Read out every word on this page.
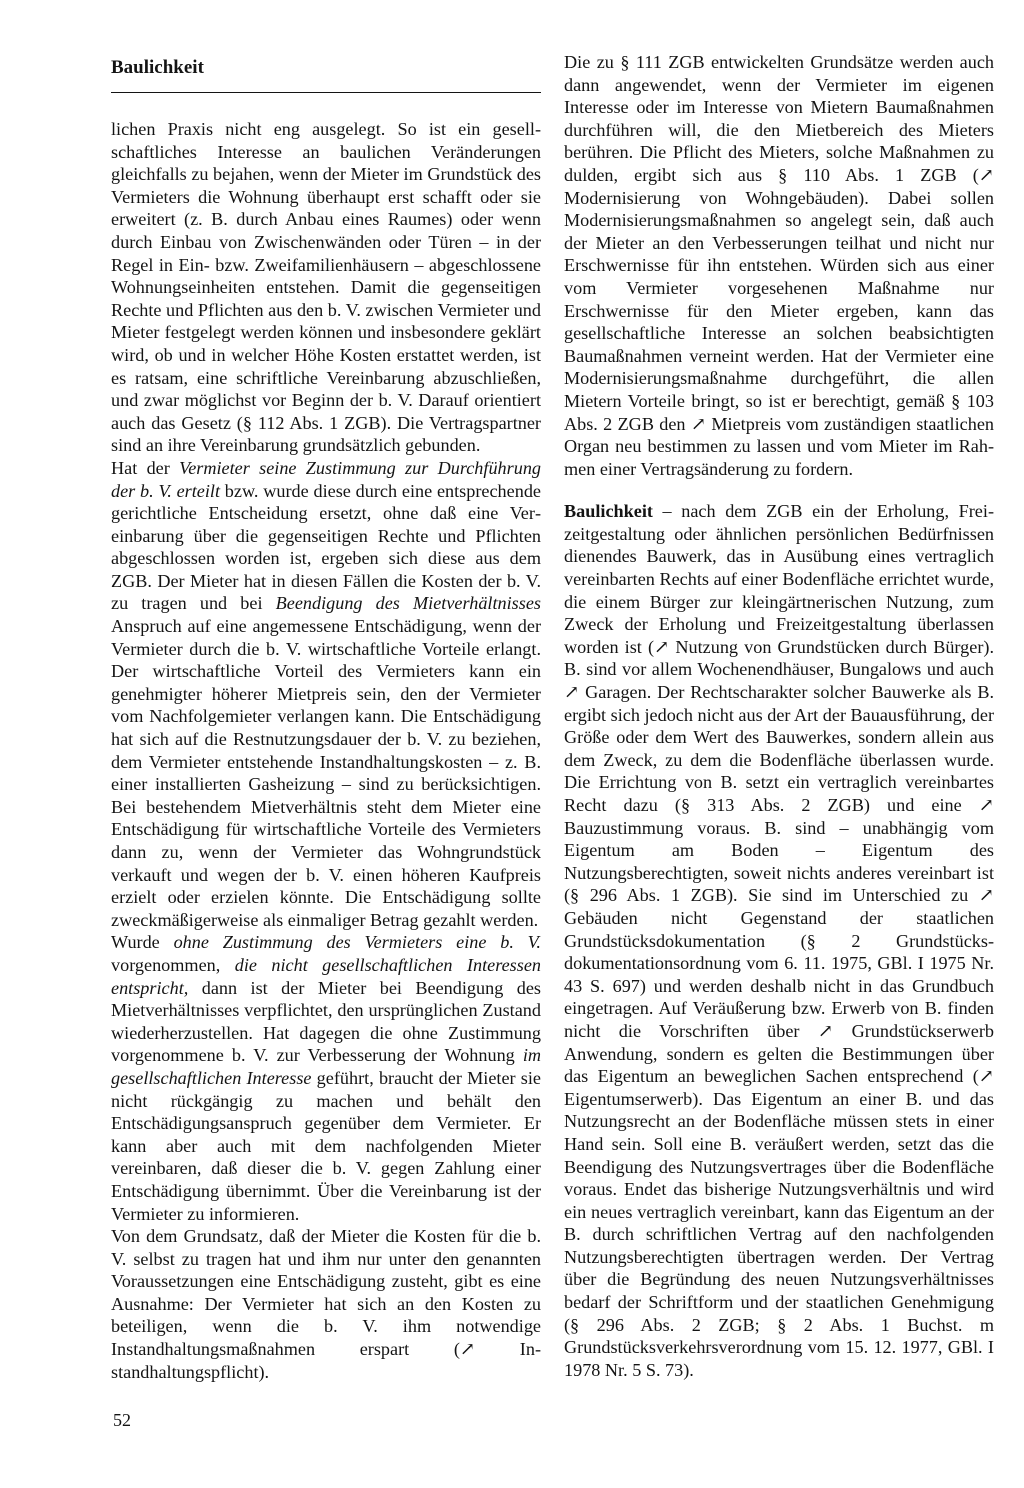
Baulichkeit

lichen Praxis nicht eng ausgelegt. So ist ein gesellschaftliches Interesse an baulichen Veränderungen gleichfalls zu bejahen, wenn der Mieter im Grundstück des Vermieters die Wohnung überhaupt erst schafft oder sie erweitert (z. B. durch Anbau eines Raumes) oder wenn durch Einbau von Zwischenwänden oder Türen – in der Regel in Ein- bzw. Zweifamilienhäusern – abgeschlossene Wohnungseinheiten entstehen. Damit die gegenseitigen Rechte und Pflichten aus den b. V. zwischen Vermieter und Mieter festgelegt werden können und insbesondere geklärt wird, ob und in welcher Höhe Kosten erstattet werden, ist es ratsam, eine schriftliche Vereinbarung abzuschließen, und zwar möglichst vor Beginn der b. V. Darauf orientiert auch das Gesetz (§ 112 Abs. 1 ZGB). Die Vertragspartner sind an ihre Vereinbarung grundsätzlich gebunden.

Hat der Vermieter seine Zustimmung zur Durchführung der b. V. erteilt bzw. wurde diese durch eine entsprechende gerichtliche Entscheidung ersetzt, ohne daß eine Vereinbarung über die gegenseitigen Rechte und Pflichten abgeschlossen worden ist, ergeben sich diese aus dem ZGB. Der Mieter hat in diesen Fällen die Kosten der b. V. zu tragen und bei Beendigung des Mietverhältnisses Anspruch auf eine angemessene Entschädigung, wenn der Vermieter durch die b. V. wirtschaftliche Vorteile erlangt. Der wirtschaftliche Vorteil des Vermieters kann ein genehmigter höherer Mietpreis sein, den der Vermieter vom Nachfolgemieter verlangen kann. Die Entschädigung hat sich auf die Restnutzungsdauer der b. V. zu beziehen, dem Vermieter entstehende Instandhaltungskosten – z. B. einer installierten Gasheizung – sind zu berücksichtigen. Bei bestehendem Mietverhältnis steht dem Mieter eine Entschädigung für wirtschaftliche Vorteile des Vermieters dann zu, wenn der Vermieter das Wohngrundstück verkauft und wegen der b. V. einen höheren Kaufpreis erzielt oder erzielen könnte. Die Entschädigung sollte zweckmäßigerweise als einmaliger Betrag gezahlt werden.

Wurde ohne Zustimmung des Vermieters eine b. V. vorgenommen, die nicht gesellschaftlichen Interessen entspricht, dann ist der Mieter bei Beendigung des Mietverhältnisses verpflichtet, den ursprünglichen Zustand wiederherzustellen. Hat dagegen die ohne Zustimmung vorgenommene b. V. zur Verbesserung der Wohnung im gesellschaftlichen Interesse geführt, braucht der Mieter sie nicht rückgängig zu machen und behält den Entschädigungsanspruch gegenüber dem Vermieter. Er kann aber auch mit dem nachfolgenden Mieter vereinbaren, daß dieser die b. V. gegen Zahlung einer Entschädigung übernimmt. Über die Vereinbarung ist der Vermieter zu informieren.

Von dem Grundsatz, daß der Mieter die Kosten für die b. V. selbst zu tragen hat und ihm nur unter den genannten Voraussetzungen eine Entschädigung zusteht, gibt es eine Ausnahme: Der Vermieter hat sich an den Kosten zu beteiligen, wenn die b. V. ihm notwendige Instandhaltungsmaßnahmen erspart (↗ Instandhaltungspflicht).

Die zu § 111 ZGB entwickelten Grundsätze werden auch dann angewendet, wenn der Vermieter im eigenen Interesse oder im Interesse von Mietern Baumaßnahmen durchführen will, die den Mietbereich des Mieters berühren. Die Pflicht des Mieters, solche Maßnahmen zu dulden, ergibt sich aus § 110 Abs. 1 ZGB (↗ Modernisierung von Wohngebäuden). Dabei sollen Modernisierungsmaßnahmen so angelegt sein, daß auch der Mieter an den Verbesserungen teilhat und nicht nur Erschwernisse für ihn entstehen. Würden sich aus einer vom Vermieter vorgesehenen Maßnahme nur Erschwernisse für den Mieter ergeben, kann das gesellschaftliche Interesse an solchen beabsichtigten Baumaßnahmen verneint werden. Hat der Vermieter eine Modernisierungsmaßnahme durchgeführt, die allen Mietern Vorteile bringt, so ist er berechtigt, gemäß § 103 Abs. 2 ZGB den ↗ Mietpreis vom zuständigen staatlichen Organ neu bestimmen zu lassen und vom Mieter im Rahmen einer Vertragsänderung zu fordern.

Baulichkeit – nach dem ZGB ein der Erholung, Freizeitgestaltung oder ähnlichen persönlichen Bedürfnissen dienendes Bauwerk, das in Ausübung eines vertraglich vereinbarten Rechts auf einer Bodenfläche errichtet wurde, die einem Bürger zur kleingärtnerischen Nutzung, zum Zweck der Erholung und Freizeitgestaltung überlassen worden ist (↗ Nutzung von Grundstücken durch Bürger). B. sind vor allem Wochenendhäuser, Bungalows und auch ↗ Garagen. Der Rechtscharakter solcher Bauwerke als B. ergibt sich jedoch nicht aus der Art der Bauausführung, der Größe oder dem Wert des Bauwerkes, sondern allein aus dem Zweck, zu dem die Bodenfläche überlassen wurde. Die Errichtung von B. setzt ein vertraglich vereinbartes Recht dazu (§ 313 Abs. 2 ZGB) und eine ↗ Bauzustimmung voraus. B. sind – unabhängig vom Eigentum am Boden – Eigentum des Nutzungsberechtigten, soweit nichts anderes vereinbart ist (§ 296 Abs. 1 ZGB). Sie sind im Unterschied zu ↗ Gebäuden nicht Gegenstand der staatlichen Grundstücksdokumentation (§ 2 Grundstücksdokumentationsordnung vom 6. 11. 1975, GBl. I 1975 Nr. 43 S. 697) und werden deshalb nicht in das Grundbuch eingetragen. Auf Veräußerung bzw. Erwerb von B. finden nicht die Vorschriften über ↗ Grundstückserwerb Anwendung, sondern es gelten die Bestimmungen über das Eigentum an beweglichen Sachen entsprechend (↗ Eigentumserwerb). Das Eigentum an einer B. und das Nutzungsrecht an der Bodenfläche müssen stets in einer Hand sein. Soll eine B. veräußert werden, setzt das die Beendigung des Nutzungsvertrages über die Bodenfläche voraus. Endet das bisherige Nutzungsverhältnis und wird ein neues vertraglich vereinbart, kann das Eigentum an der B. durch schriftlichen Vertrag auf den nachfolgenden Nutzungsberechtigten übertragen werden. Der Vertrag über die Begründung des neuen Nutzungsverhältnisses bedarf der Schriftform und der staatlichen Genehmigung (§ 296 Abs. 2 ZGB; § 2 Abs. 1 Buchst. m Grundstücksverkehrsverordnung vom 15. 12. 1977, GBl. I 1978 Nr. 5 S. 73).

52
